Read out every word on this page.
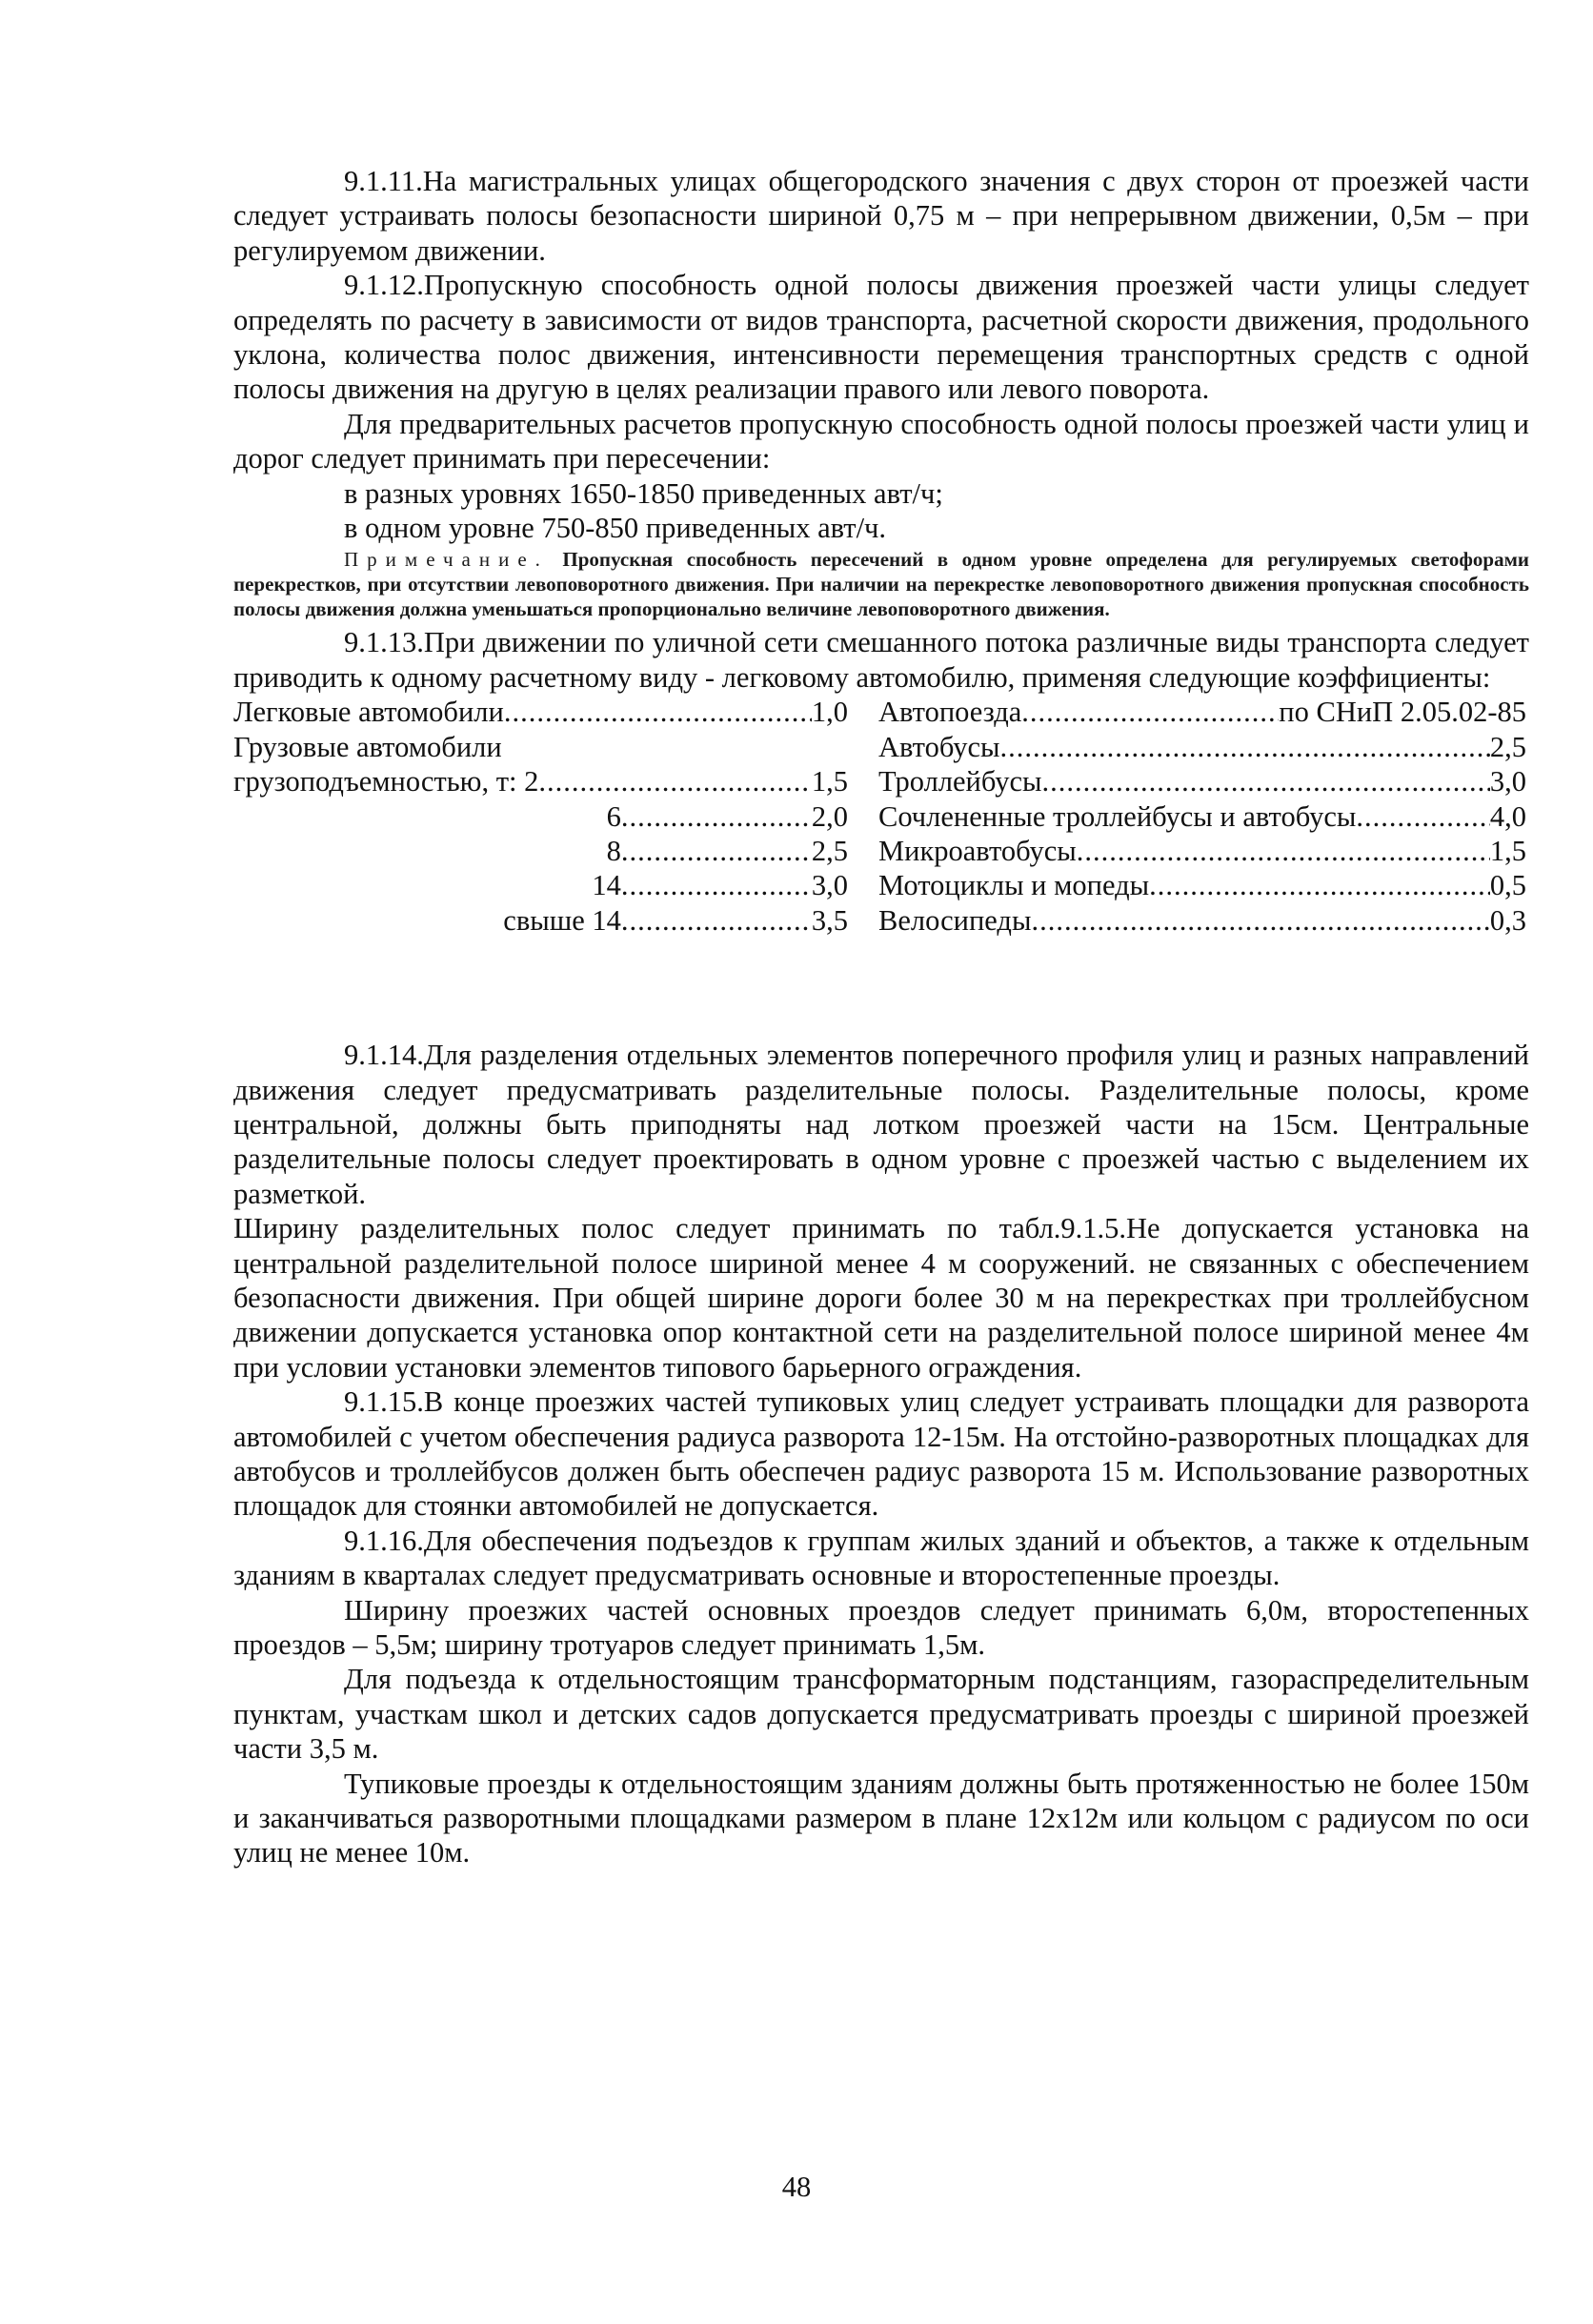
9.1.11.На магистральных улицах общегородского значения с двух сторон от проезжей части следует устраивать полосы безопасности шириной 0,75 м – при непрерывном движении, 0,5м – при регулируемом движении.

9.1.12.Пропускную способность одной полосы движения проезжей части улицы следует определять по расчету в зависимости от видов транспорта, расчетной скорости движения, продольного уклона, количества полос движения, интенсивности перемещения транспортных средств с одной полосы движения на другую в целях реализации правого или левого поворота.

Для предварительных расчетов пропускную способность одной полосы проезжей части улиц и дорог следует принимать при пересечении:

в разных уровнях 1650-1850 приведенных авт/ч;

в одном уровне 750-850 приведенных авт/ч.

Примечание. Пропускная способность пересечений в одном уровне определена для регулируемых светофорами перекрестков, при отсутствии левоповоротного движения. При наличии на перекрестке левоповоротного движения пропускная способность полосы движения должна уменьшаться пропорционально величине левоповоротного движения.

9.1.13.При движении по уличной сети смешанного потока различные виды транспорта следует приводить к одному расчетному виду - легковому автомобилю, применяя следующие коэффициенты:

Легковые автомобили .....	1,0
Грузовые автомобили
грузоподъемностью, т: 2 .....	1,5
6 .....	2,0
8 .....	2,5
14 .....	3,0
свыше 14 .....	3,5
Автопоезда .....	по СНиП 2.05.02-85
Автобусы .....	2,5
Троллейбусы .....	3,0
Сочлененные троллейбусы и автобусы .....	4,0
Микроавтобусы .....	1,5
Мотоциклы и мопеды .....	0,5
Велосипеды .....	0,3

9.1.14.Для разделения отдельных элементов поперечного профиля улиц и разных направлений движения следует предусматривать разделительные полосы. Разделительные полосы, кроме центральной, должны быть приподняты над лотком проезжей части на 15см. Центральные разделительные полосы следует проектировать в одном уровне с проезжей частью с выделением их разметкой.

Ширину разделительных полос следует принимать по табл.9.1.5.Не допускается установка на центральной разделительной полосе шириной менее 4 м сооружений. не связанных с обеспечением безопасности движения. При общей ширине дороги более 30 м на перекрестках при троллейбусном движении допускается установка опор контактной сети на разделительной полосе шириной менее 4м при условии установки элементов типового барьерного ограждения.

9.1.15.В конце проезжих частей тупиковых улиц следует устраивать площадки для разворота автомобилей с учетом обеспечения радиуса разворота 12-15м. На отстойно-разворотных площадках для автобусов и троллейбусов должен быть обеспечен радиус разворота 15 м. Использование разворотных площадок для стоянки автомобилей не допускается.

9.1.16.Для обеспечения подъездов к группам жилых зданий и объектов, а также к отдельным зданиям в кварталах следует предусматривать основные и второстепенные проезды.

Ширину проезжих частей основных проездов следует принимать 6,0м, второстепенных проездов – 5,5м; ширину тротуаров следует принимать 1,5м.

Для подъезда к отдельностоящим трансформаторным подстанциям, газораспределительным пунктам, участкам школ и детских садов допускается предусматривать проезды с шириной проезжей части 3,5 м.

Тупиковые проезды к отдельностоящим зданиям должны быть протяженностью не более 150м и заканчиваться разворотными площадками размером в плане 12х12м или кольцом с радиусом по оси улиц не менее 10м.

48
